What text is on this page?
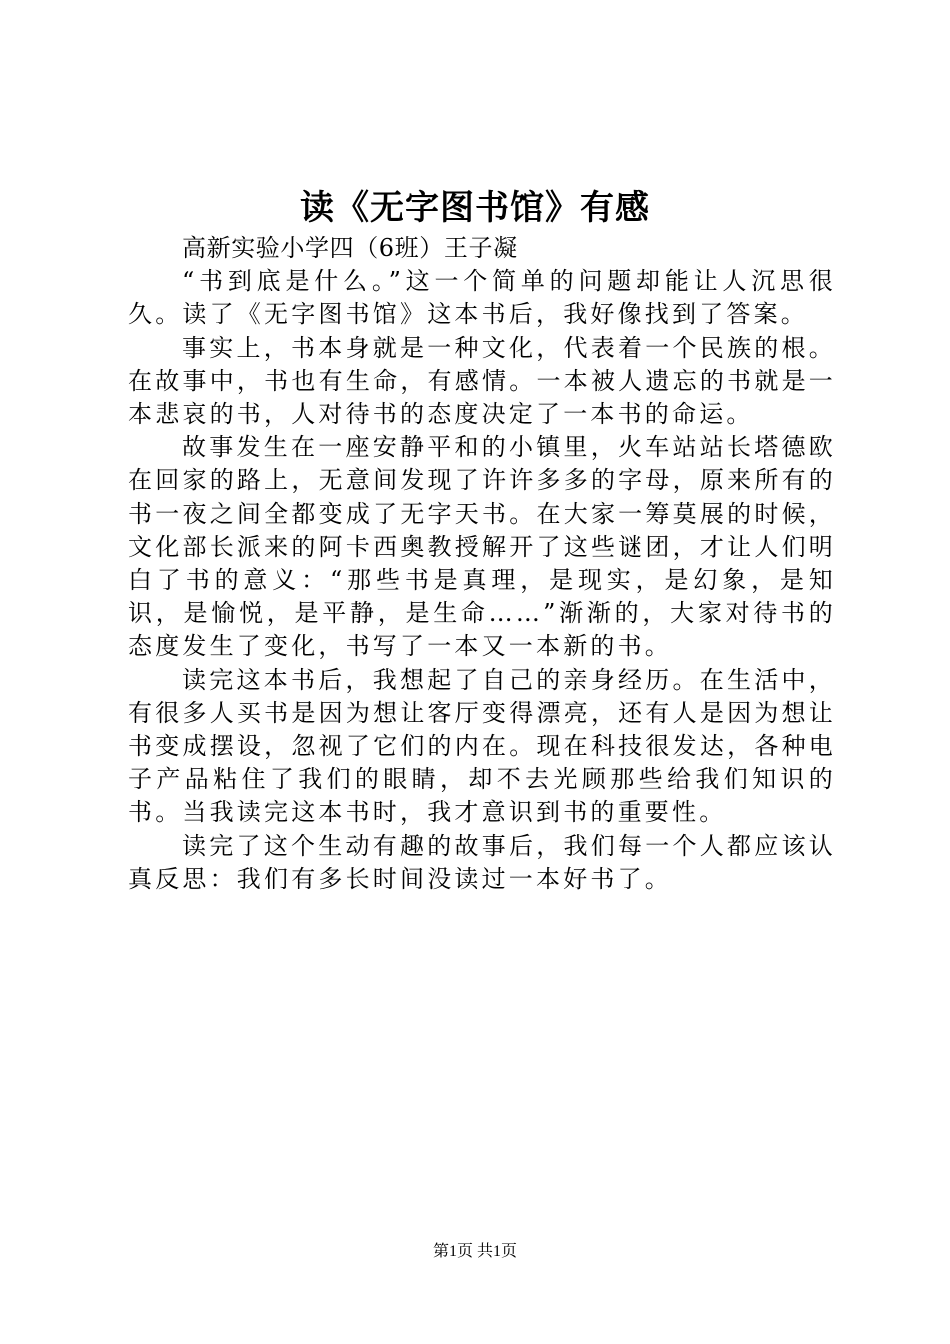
读《无字图书馆》有感

高新实验小学四（6班）王子凝

“书到底是什么。”这一个简单的问题却能让人沉思很久。读了《无字图书馆》这本书后，我好像找到了答案。

事实上，书本身就是一种文化，代表着一个民族的根。在故事中，书也有生命，有感情。一本被人遗忘的书就是一本悲哀的书，人对待书的态度决定了一本书的命运。

故事发生在一座安静平和的小镇里，火车站站长塔德欧在回家的路上，无意间发现了许许多多的字母，原来所有的书一夜之间全都变成了无字天书。在大家一筹莫展的时候，文化部长派来的阿卡西奥教授解开了这些谜团，才让人们明白了书的意义：“那些书是真理，是现实，是幻象，是知识，是愉悦，是平静，是生命……”渐渐的，大家对待书的态度发生了变化，书写了一本又一本新的书。

读完这本书后，我想起了自己的亲身经历。在生活中，有很多人买书是因为想让客厅变得漂亮，还有人是因为想让书变成摆设，忽视了它们的内在。现在科技很发达，各种电子产品粘住了我们的眼睛，却不去光顾那些给我们知识的书。当我读完这本书时，我才意识到书的重要性。

读完了这个生动有趣的故事后，我们每一个人都应该认真反思：我们有多长时间没读过一本好书了。

第1页 共1页
